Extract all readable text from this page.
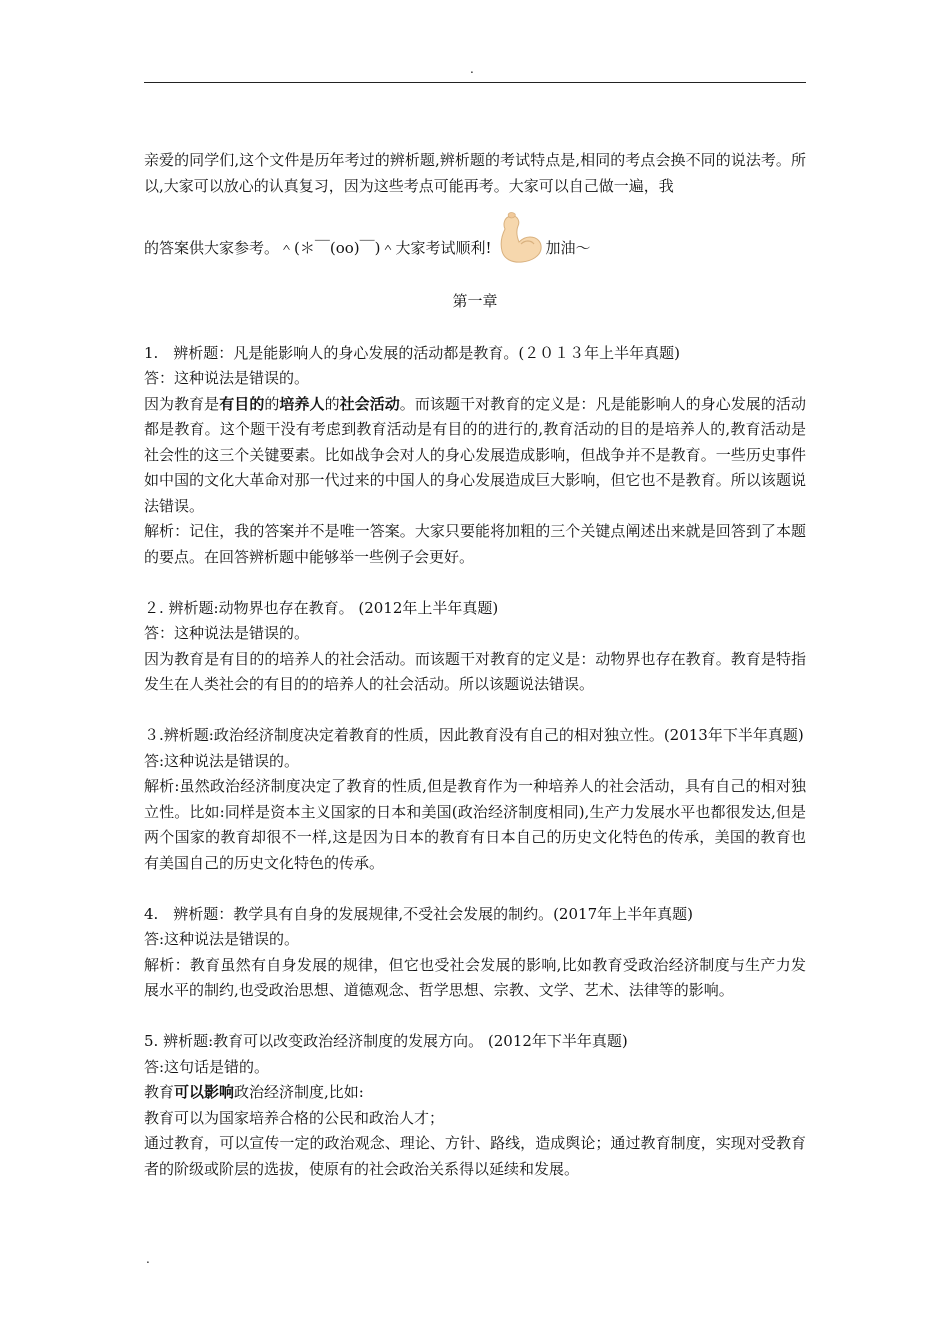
.

亲爱的同学们,这个文件是历年考过的辨析题,辨析题的考试特点是,相同的考点会换不同的说法考。所以,大家可以放心的认真复习，因为这些考点可能再考。大家可以自己做一遍，我

的答案供大家参考。＾(＊￣(oo)￣)＾大家考试顺利!	加油～

第一章

1.　辨析题：凡是能影响人的身心发展的活动都是教育。(２０１３年上半年真题)

答：这种说法是错误的。

因为教育是有目的的培养人的社会活动。而该题干对教育的定义是：凡是能影响人的身心发展的活动都是教育。这个题干没有考虑到教育活动是有目的的进行的,教育活动的目的是培养人的,教育活动是社会性的这三个关键要素。比如战争会对人的身心发展造成影响，但战争并不是教育。一些历史事件如中国的文化大革命对那一代过来的中国人的身心发展造成巨大影响，但它也不是教育。所以该题说法错误。

解析：记住，我的答案并不是唯一答案。大家只要能将加粗的三个关键点阐述出来就是回答到了本题的要点。在回答辨析题中能够举一些例子会更好。

２. 辨析题:动物界也存在教育。 (2012年上半年真题)

答：这种说法是错误的。

因为教育是有目的的培养人的社会活动。而该题干对教育的定义是：动物界也存在教育。教育是特指发生在人类社会的有目的的培养人的社会活动。所以该题说法错误。

３.辨析题:政治经济制度决定着教育的性质，因此教育没有自己的相对独立性。(2013年下半年真题)

答:这种说法是错误的。

解析:虽然政治经济制度决定了教育的性质,但是教育作为一种培养人的社会活动，具有自己的相对独立性。比如:同样是资本主义国家的日本和美国(政治经济制度相同),生产力发展水平也都很发达,但是两个国家的教育却很不一样,这是因为日本的教育有日本自己的历史文化特色的传承，美国的教育也有美国自己的历史文化特色的传承。

4.　辨析题：教学具有自身的发展规律,不受社会发展的制约。(2017年上半年真题)

答:这种说法是错误的。

解析：教育虽然有自身发展的规律，但它也受社会发展的影响,比如教育受政治经济制度与生产力发展水平的制约,也受政治思想、道德观念、哲学思想、宗教、文学、艺术、法律等的影响。

5. 辨析题:教育可以改变政治经济制度的发展方向。 (2012年下半年真题)

答:这句话是错的。

教育可以影响政治经济制度,比如:

教育可以为国家培养合格的公民和政治人才；

通过教育，可以宣传一定的政治观念、理论、方针、路线，造成舆论；通过教育制度，实现对受教育者的阶级或阶层的选拔，使原有的社会政治关系得以延续和发展。

.
